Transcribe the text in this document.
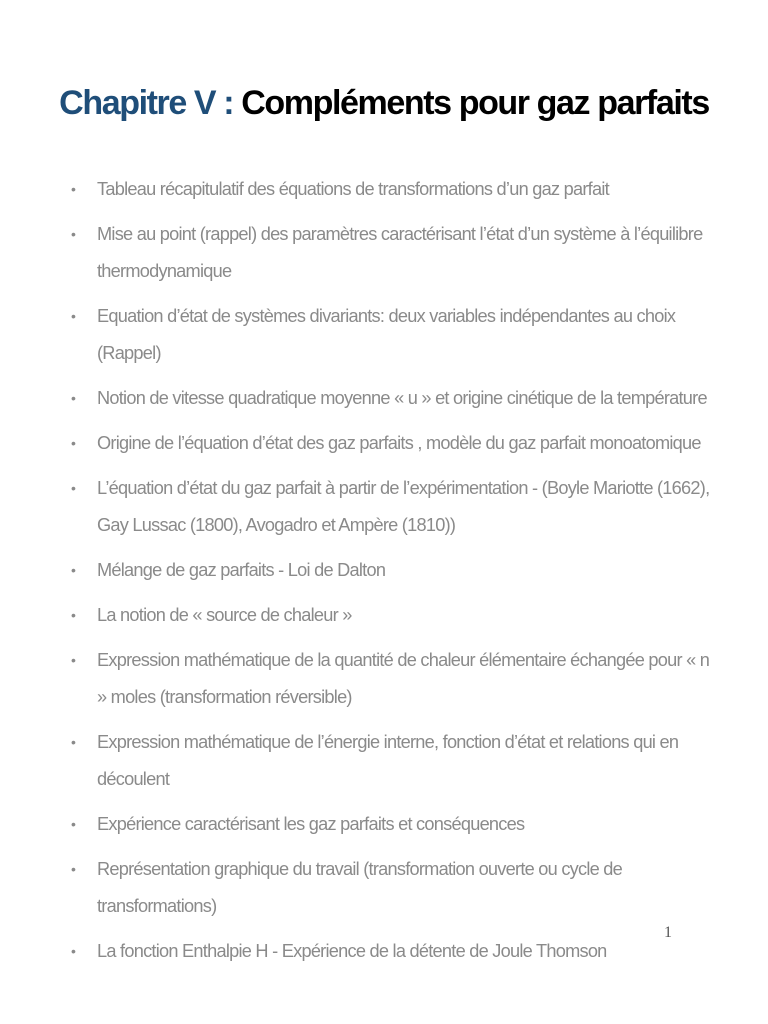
Chapitre V : Compléments pour gaz parfaits
• Tableau récapitulatif des équations de transformations d’un gaz parfait
• Mise au point (rappel) des paramètres caractérisant l’état d’un système à l’équilibre thermodynamique
• Equation d’état de systèmes divariants: deux variables indépendantes au choix (Rappel)
• Notion de vitesse quadratique moyenne « u » et origine cinétique de la température
• Origine de l’équation d’état des gaz parfaits , modèle du gaz parfait monoatomique
• L’équation d’état du gaz parfait à partir de l’expérimentation - (Boyle Mariotte (1662), Gay Lussac (1800), Avogadro et Ampère (1810))
• Mélange de gaz parfaits - Loi de Dalton
• La notion de « source de chaleur »
• Expression mathématique de la quantité de chaleur élémentaire échangée pour « n » moles (transformation réversible)
• Expression mathématique de l’énergie interne, fonction d’état et relations qui en découlent
• Expérience caractérisant les gaz parfaits et conséquences
• Représentation graphique du travail (transformation ouverte ou cycle de transformations)
• La fonction Enthalpie H - Expérience de la détente de Joule Thomson
1
